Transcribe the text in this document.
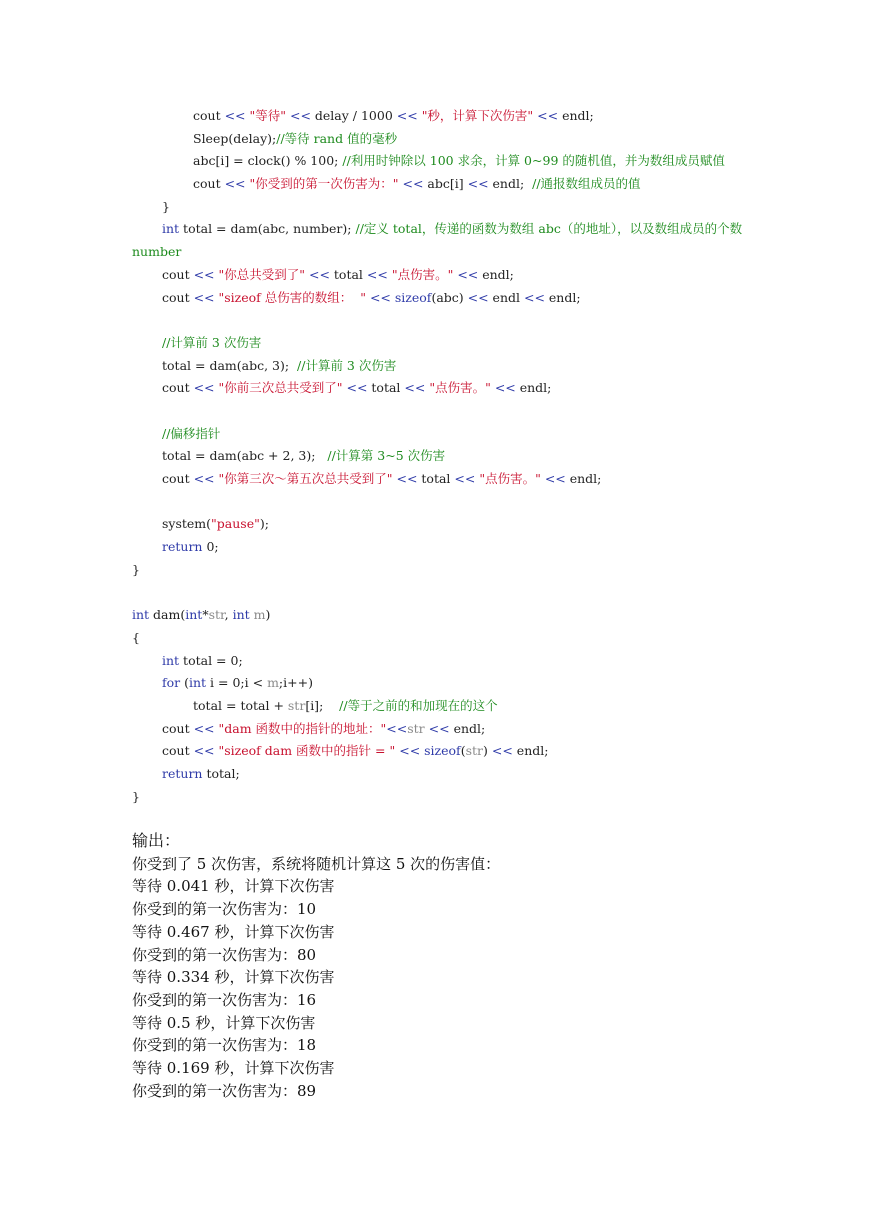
cout << "等待" << delay / 1000 << "秒，计算下次伤害" << endl;
Sleep(delay);//等待 rand 值的毫秒
abc[i] = clock() % 100; //利用时钟除以 100 求余，计算 0~99 的随机值，并为数组成员赋值
cout << "你受到的第一次伤害为：" << abc[i] << endl;  //通报数组成员的值
}
int total = dam(abc, number); //定义 total，传递的函数为数组 abc（的地址），以及数组成员的个数 number
cout << "你总共受到了" << total << "点伤害。" << endl;
cout << "sizeof 总伤害的数组：  " << sizeof(abc) << endl << endl;
//计算前 3 次伤害
total = dam(abc, 3);  //计算前 3 次伤害
cout << "你前三次总共受到了" << total << "点伤害。" << endl;
//偏移指针
total = dam(abc + 2, 3);   //计算第 3~5 次伤害
cout << "你第三次～第五次总共受到了" << total << "点伤害。" << endl;
system("pause");
return 0;
}
int dam(int*str, int m)
{
int total = 0;
for (int i = 0;i < m;i++)
total = total + str[i];    //等于之前的和加现在的这个
cout << "dam 函数中的指针的地址："<<str << endl;
cout << "sizeof dam 函数中的指针 = " << sizeof(str) << endl;
return total;
}
输出：
你受到了 5 次伤害，系统将随机计算这 5 次的伤害值：
等待 0.041 秒，计算下次伤害
你受到的第一次伤害为：10
等待 0.467 秒，计算下次伤害
你受到的第一次伤害为：80
等待 0.334 秒，计算下次伤害
你受到的第一次伤害为：16
等待 0.5 秒，计算下次伤害
你受到的第一次伤害为：18
等待 0.169 秒，计算下次伤害
你受到的第一次伤害为：89
